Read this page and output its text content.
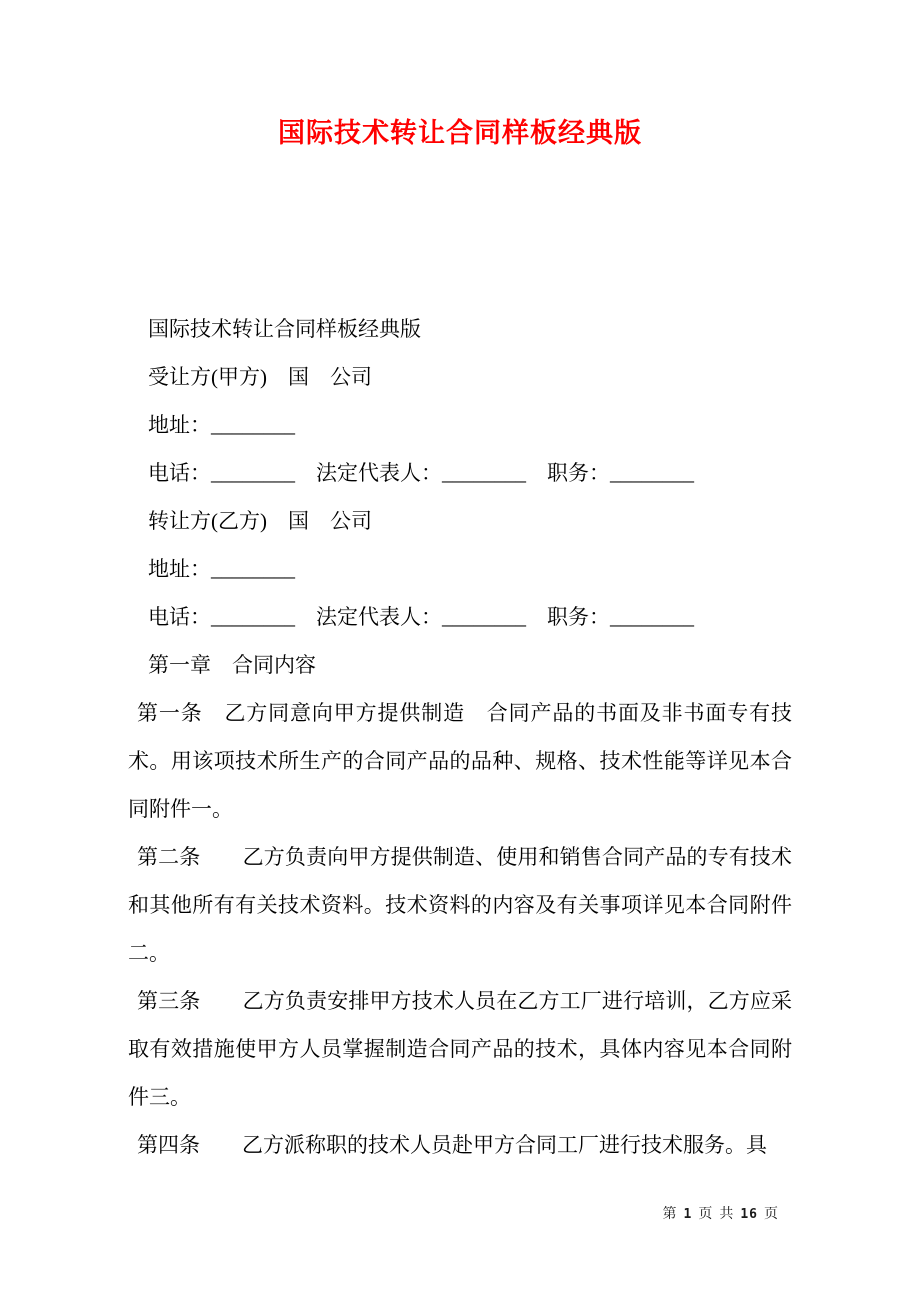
国际技术转让合同样板经典版

国际技术转让合同样板经典版

受让方(甲方)　国　公司

地址：________

电话：________　法定代表人：________　职务：________

转让方(乙方)　国　公司

地址：________

电话：________　法定代表人：________　职务：________

第一章　合同内容

第一条　乙方同意向甲方提供制造　合同产品的书面及非书面专有技术。用该项技术所生产的合同产品的品种、规格、技术性能等详见本合同附件一。

第二条　　乙方负责向甲方提供制造、使用和销售合同产品的专有技术和其他所有有关技术资料。技术资料的内容及有关事项详见本合同附件二。

第三条　　乙方负责安排甲方技术人员在乙方工厂进行培训，乙方应采取有效措施使甲方人员掌握制造合同产品的技术，具体内容见本合同附件三。

第四条　　乙方派称职的技术人员赴甲方合同工厂进行技术服务。具

第 1 页 共 16 页
